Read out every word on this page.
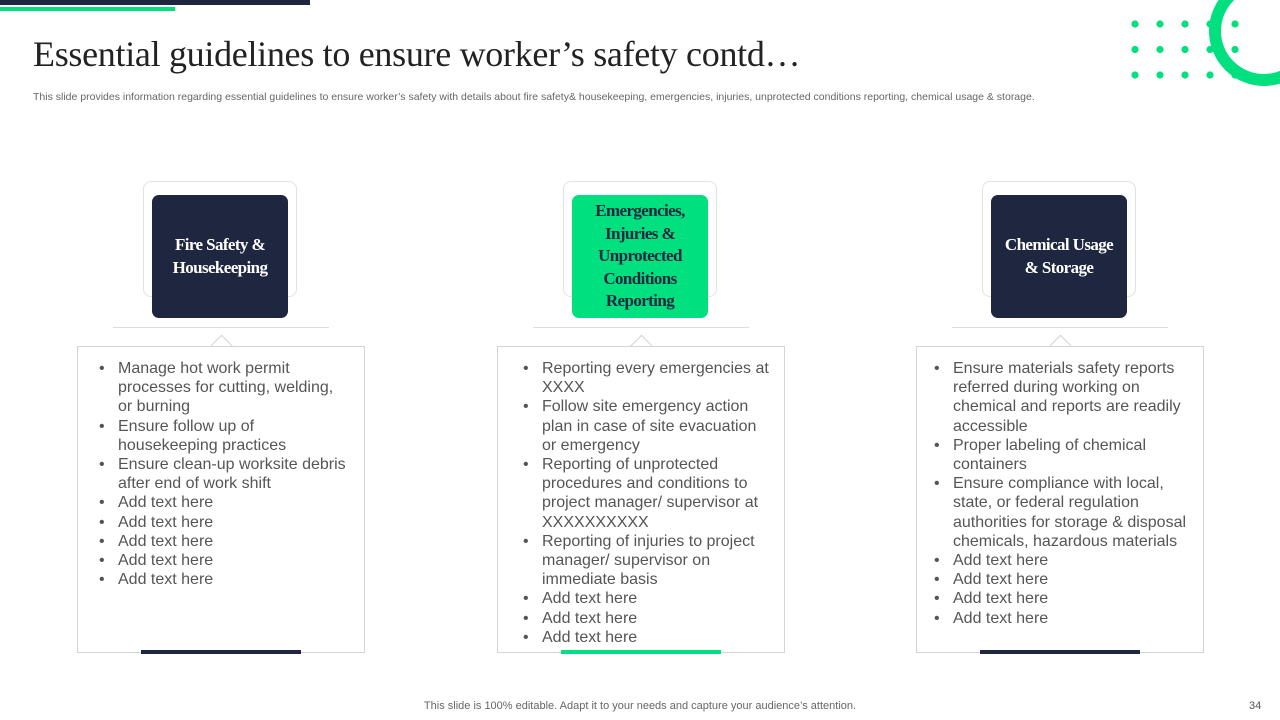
Essential guidelines to ensure worker’s safety contd…

This slide provides information regarding essential guidelines to ensure worker’s safety with details about fire safety& housekeeping, emergencies, injuries, unprotected conditions reporting, chemical usage & storage.

Fire Safety & Housekeeping
• Manage hot work permit processes for cutting, welding, or burning
• Ensure follow up of housekeeping practices
• Ensure clean-up worksite debris after end of work shift
• Add text here
• Add text here
• Add text here
• Add text here
• Add text here
Emergencies, Injuries & Unprotected Conditions Reporting
• Reporting every emergencies at XXXX
• Follow site emergency action plan in case of site evacuation or emergency
• Reporting of unprotected procedures and conditions to project manager/ supervisor at XXXXXXXXXX
• Reporting of injuries to project manager/ supervisor on immediate basis
• Add text here
• Add text here
• Add text here
Chemical Usage & Storage
• Ensure materials safety reports referred during working on chemical and reports are readily accessible
• Proper labeling of chemical containers
• Ensure compliance with local, state, or federal regulation authorities for storage & disposal chemicals, hazardous materials
• Add text here
• Add text here
• Add text here
• Add text here
This slide is 100% editable. Adapt it to your needs and capture your audience’s attention.	34
